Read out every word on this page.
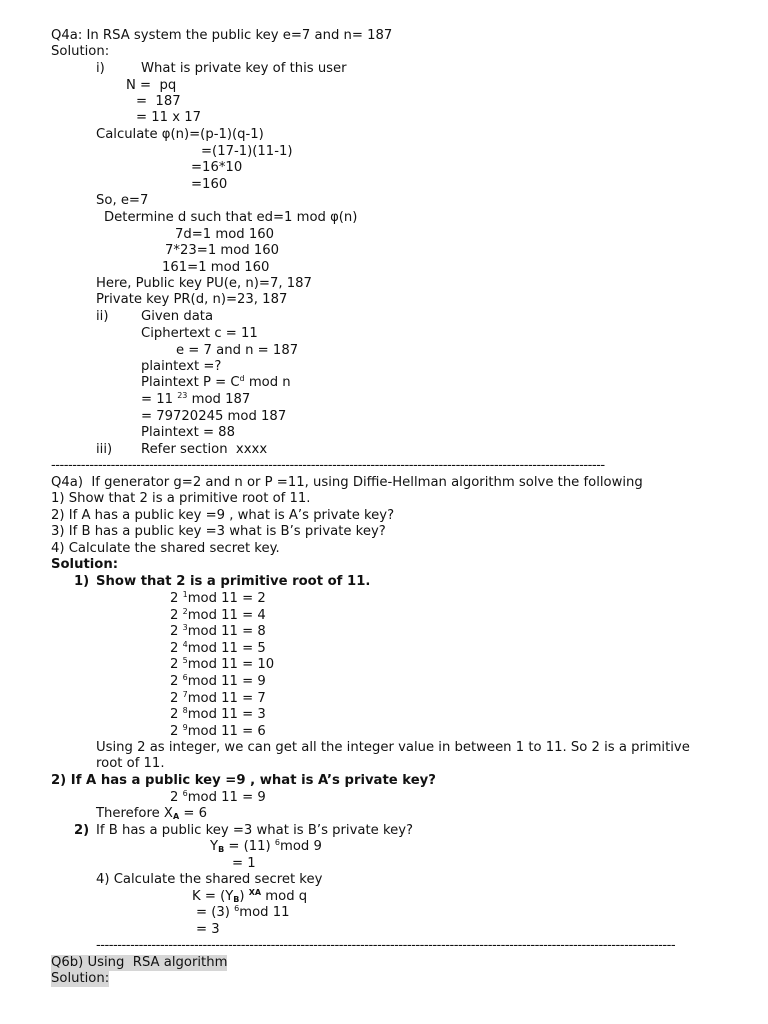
Q4a: In RSA system the public key e=7 and n= 187
Solution:
i)	What is private key of this user
N =  pq
=  187
= 11 x 17
Calculate φ(n)=(p-1)(q-1)
=(17-1)(11-1)
=16*10
=160
So, e=7
Determine d such that ed=1 mod φ(n)
7d=1 mod 160
7*23=1 mod 160
161=1 mod 160
Here, Public key PU(e, n)=7, 187
Private key PR(d, n)=23, 187
ii) Given data
Ciphertext c = 11
e = 7 and n = 187
plaintext =?
Plaintext $P = C^d$ mod n
= 11 $^{23}$ mod 187
= 79720245 mod 187
Plaintext = 88
iii) Refer section  xxxx
----------------------------------------------------------------------------------------------------------------------------------
Q4a)  If generator g=2 and n or P =11, using Diffie-Hellman algorithm solve the following
1) Show that 2 is a primitive root of 11.
2) If A has a public key =9 , what is A’s private key?
3) If B has a public key =3 what is B’s private key?
4) Calculate the shared secret key.
Solution:
1) Show that 2 is a primitive root of 11.
2 $^1$mod 11 = 2
2 $^2$mod 11 = 4
2 $^3$mod 11 = 8
2 $^4$mod 11 = 5
2 $^5$mod 11 = 10
2 $^6$mod 11 = 9
2 $^7$mod 11 = 7
2 $^8$mod 11 = 3
2 $^9$mod 11 = 6
Using 2 as integer, we can get all the integer value in between 1 to 11. So 2 is a primitive
root of 11.
2) If A has a public key =9 , what is A’s private key?
2 $^6$mod 11 = 9
Therefore $X_A = 6$
2) If B has a public key =3 what is B’s private key?
$Y_B = (11)$ $^6$mod 9
= 1
4) Calculate the shared secret key
$K = (Y_B)$ $^{XA}$ mod q
= (3) $^6$mod 11
= 3
----------------------------------------------------------------------------------------------------------------------------------------
Q6b) Using  RSA algorithm
Solution:
